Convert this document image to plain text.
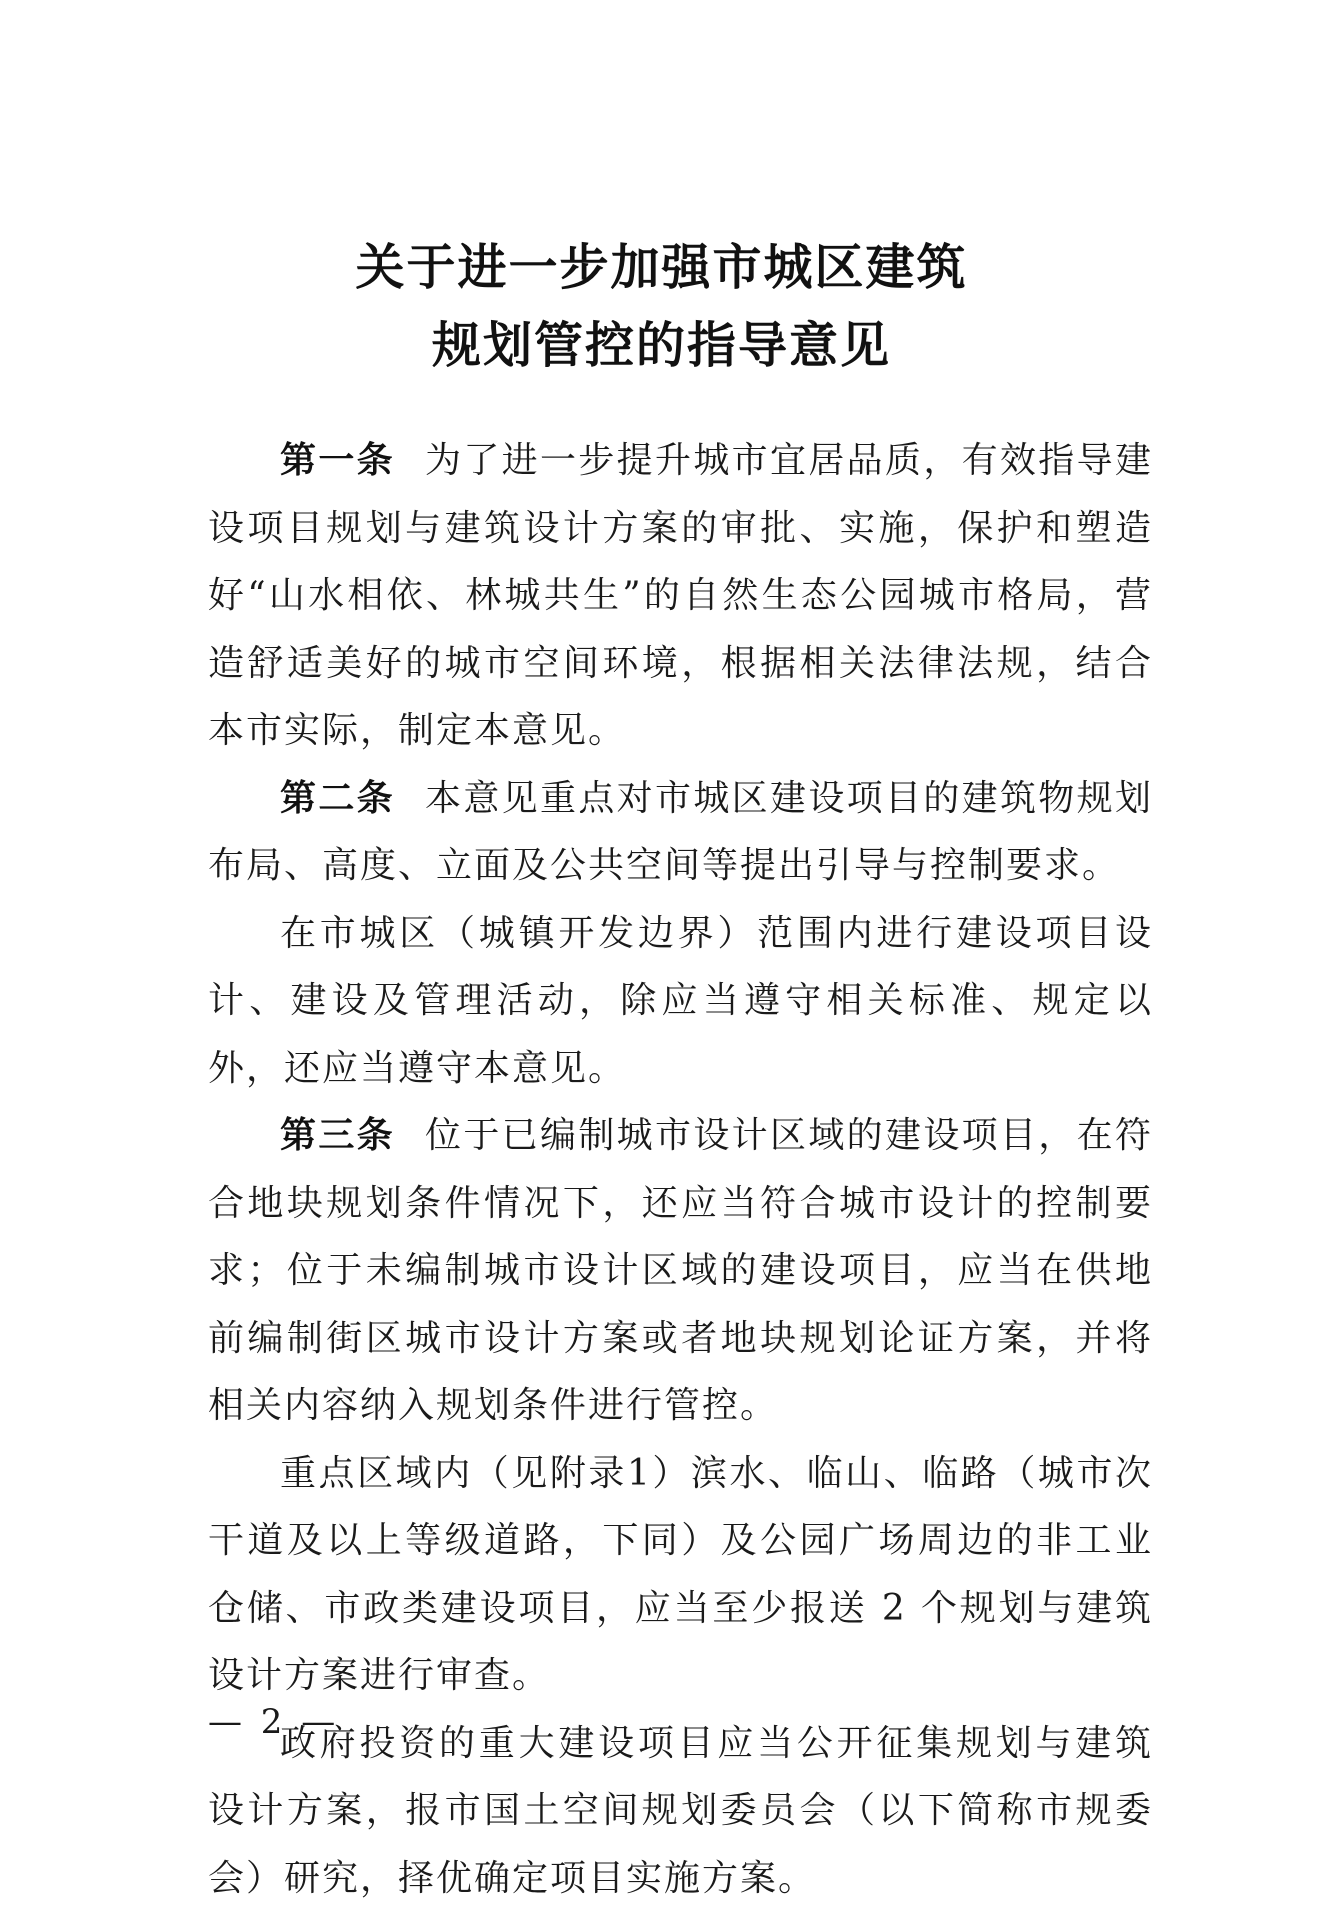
关于进一步加强市城区建筑
规划管控的指导意见

第一条 为了进一步提升城市宜居品质，有效指导建设项目规划与建筑设计方案的审批、实施，保护和塑造好“山水相依、林城共生”的自然生态公园城市格局，营造舒适美好的城市空间环境，根据相关法律法规，结合本市实际，制定本意见。

第二条 本意见重点对市城区建设项目的建筑物规划布局、高度、立面及公共空间等提出引导与控制要求。

在市城区（城镇开发边界）范围内进行建设项目设计、建设及管理活动，除应当遵守相关标准、规定以外，还应当遵守本意见。

第三条 位于已编制城市设计区域的建设项目，在符合地块规划条件情况下，还应当符合城市设计的控制要求；位于未编制城市设计区域的建设项目，应当在供地前编制街区城市设计方案或者地块规划论证方案，并将相关内容纳入规划条件进行管控。

重点区域内（见附录1）滨水、临山、临路（城市次干道及以上等级道路，下同）及公园广场周边的非工业仓储、市政类建设项目，应当至少报送 2 个规划与建筑设计方案进行审查。

政府投资的重大建设项目应当公开征集规划与建筑设计方案，报市国土空间规划委员会（以下简称市规委会）研究，择优确定项目实施方案。

— 2 —
